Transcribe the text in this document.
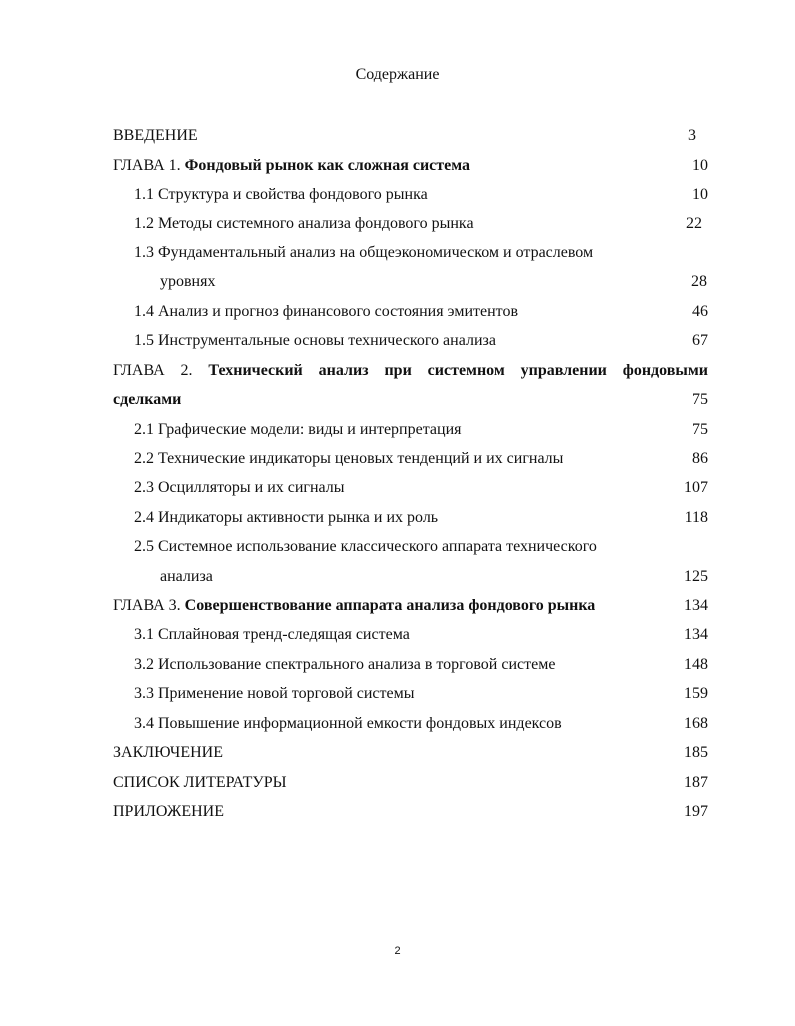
Содержание
ВВЕДЕНИЕ	3
ГЛАВА 1. Фондовый рынок как сложная система	10
1.1 Структура и свойства фондового рынка	10
1.2 Методы системного анализа фондового рынка	22
1.3 Фундаментальный анализ на общеэкономическом и отраслевом
уровнях	28
1.4 Анализ и прогноз финансового состояния эмитентов	46
1.5 Инструментальные основы технического анализа	67
ГЛАВА 2. Технический анализ при системном управлении фондовыми
сделками	75
2.1 Графические модели: виды и интерпретация	75
2.2 Технические индикаторы ценовых тенденций и их сигналы	86
2.3 Осцилляторы и их сигналы	107
2.4 Индикаторы активности рынка и их роль	118
2.5 Системное использование классического аппарата технического
анализа	125
ГЛАВА 3. Совершенствование аппарата анализа фондового рынка	134
3.1 Сплайновая тренд-следящая система	134
3.2 Использование спектрального анализа в торговой системе	148
3.3 Применение новой торговой системы	159
3.4 Повышение информационной емкости фондовых индексов	168
ЗАКЛЮЧЕНИЕ	185
СПИСОК ЛИТЕРАТУРЫ	187
ПРИЛОЖЕНИЕ	197
2
